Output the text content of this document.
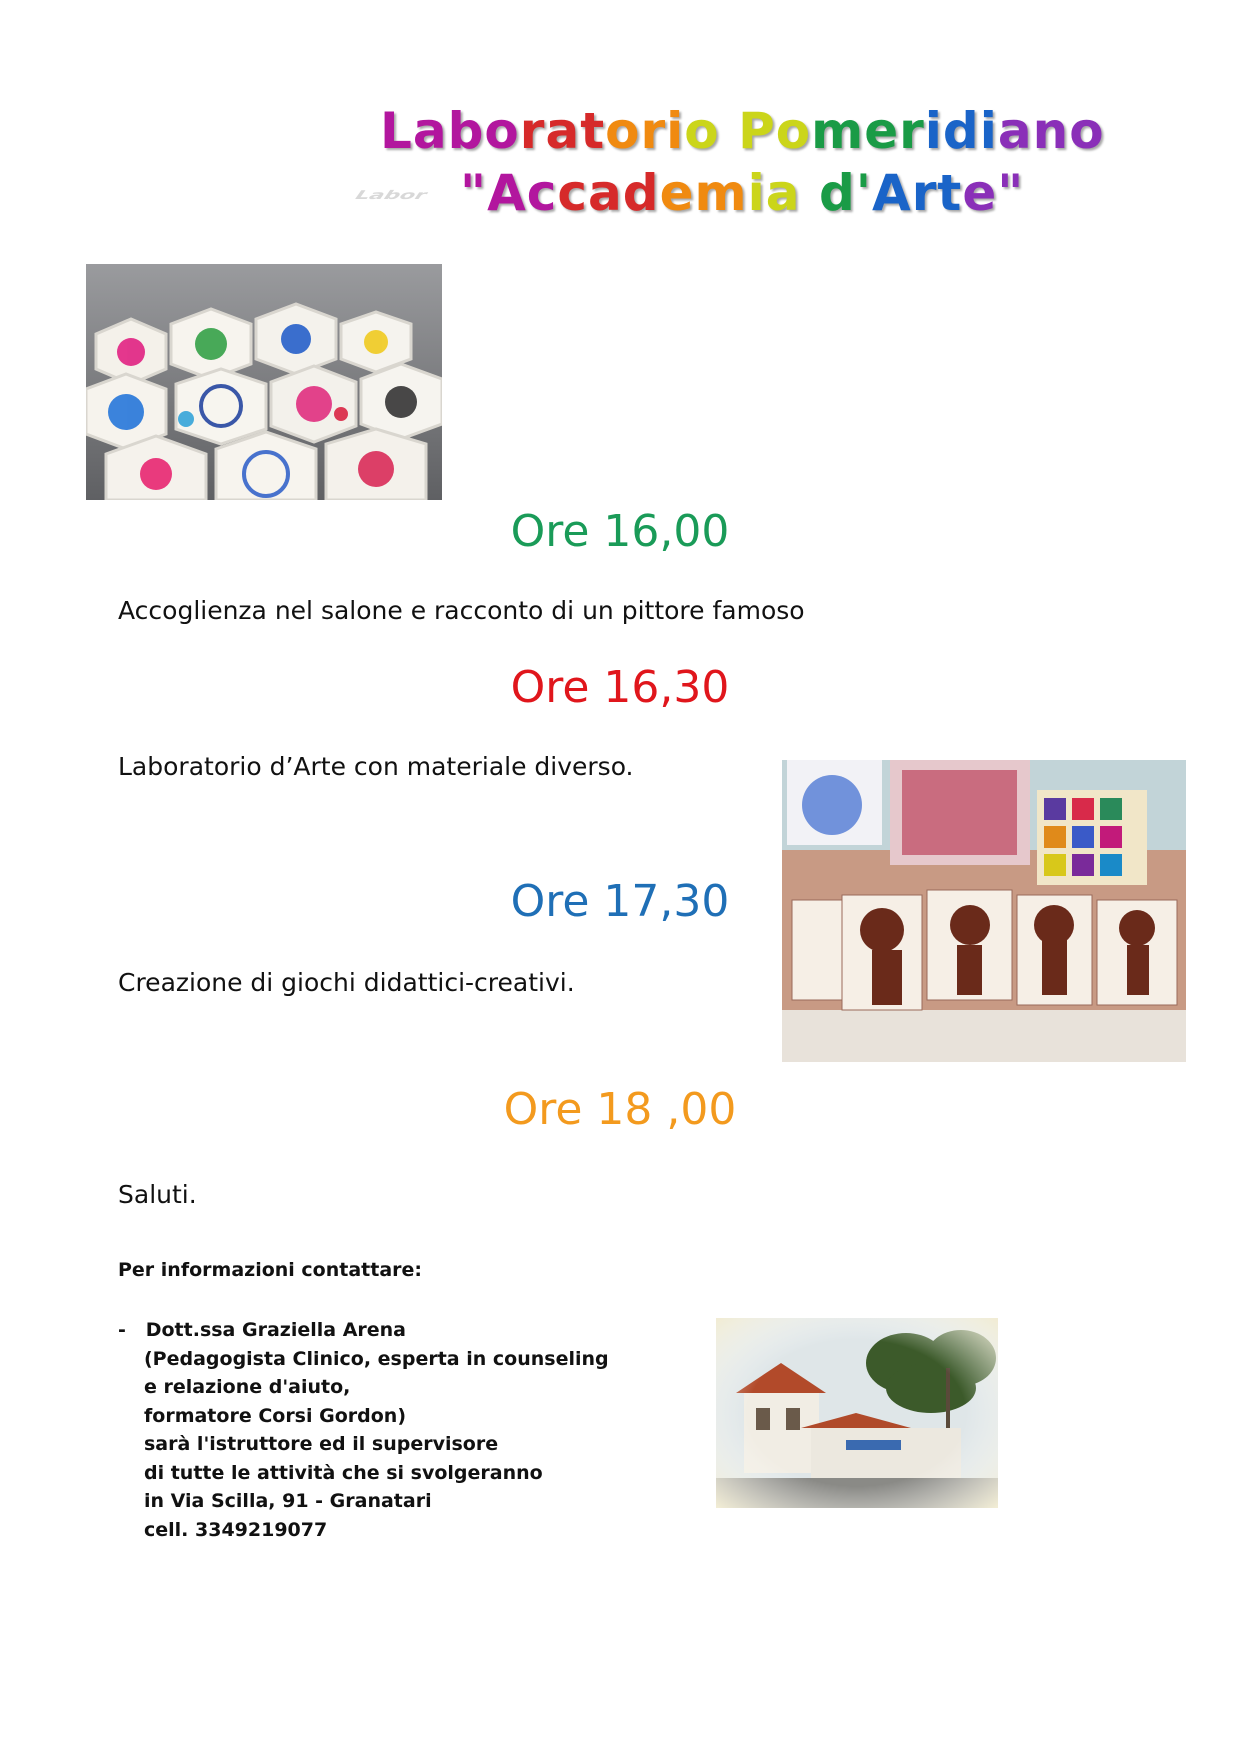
Labor
Laboratorio Pomeridiano
"Accademia d'Arte"
Ore 16,00
Accoglienza nel salone e racconto di un pittore famoso
Ore 16,30
Laboratorio d’Arte con materiale diverso.
Ore 17,30
Creazione di giochi didattici-creativi.
Ore 18 ,00
Saluti.
Per informazioni contattare:
-   Dott.ssa Graziella Arena
(Pedagogista Clinico, esperta in counseling
e relazione d'aiuto,
formatore Corsi Gordon)
sarà l'istruttore ed il supervisore
di tutte le attività che si svolgeranno
in Via Scilla, 91 - Granatari
cell. 3349219077
